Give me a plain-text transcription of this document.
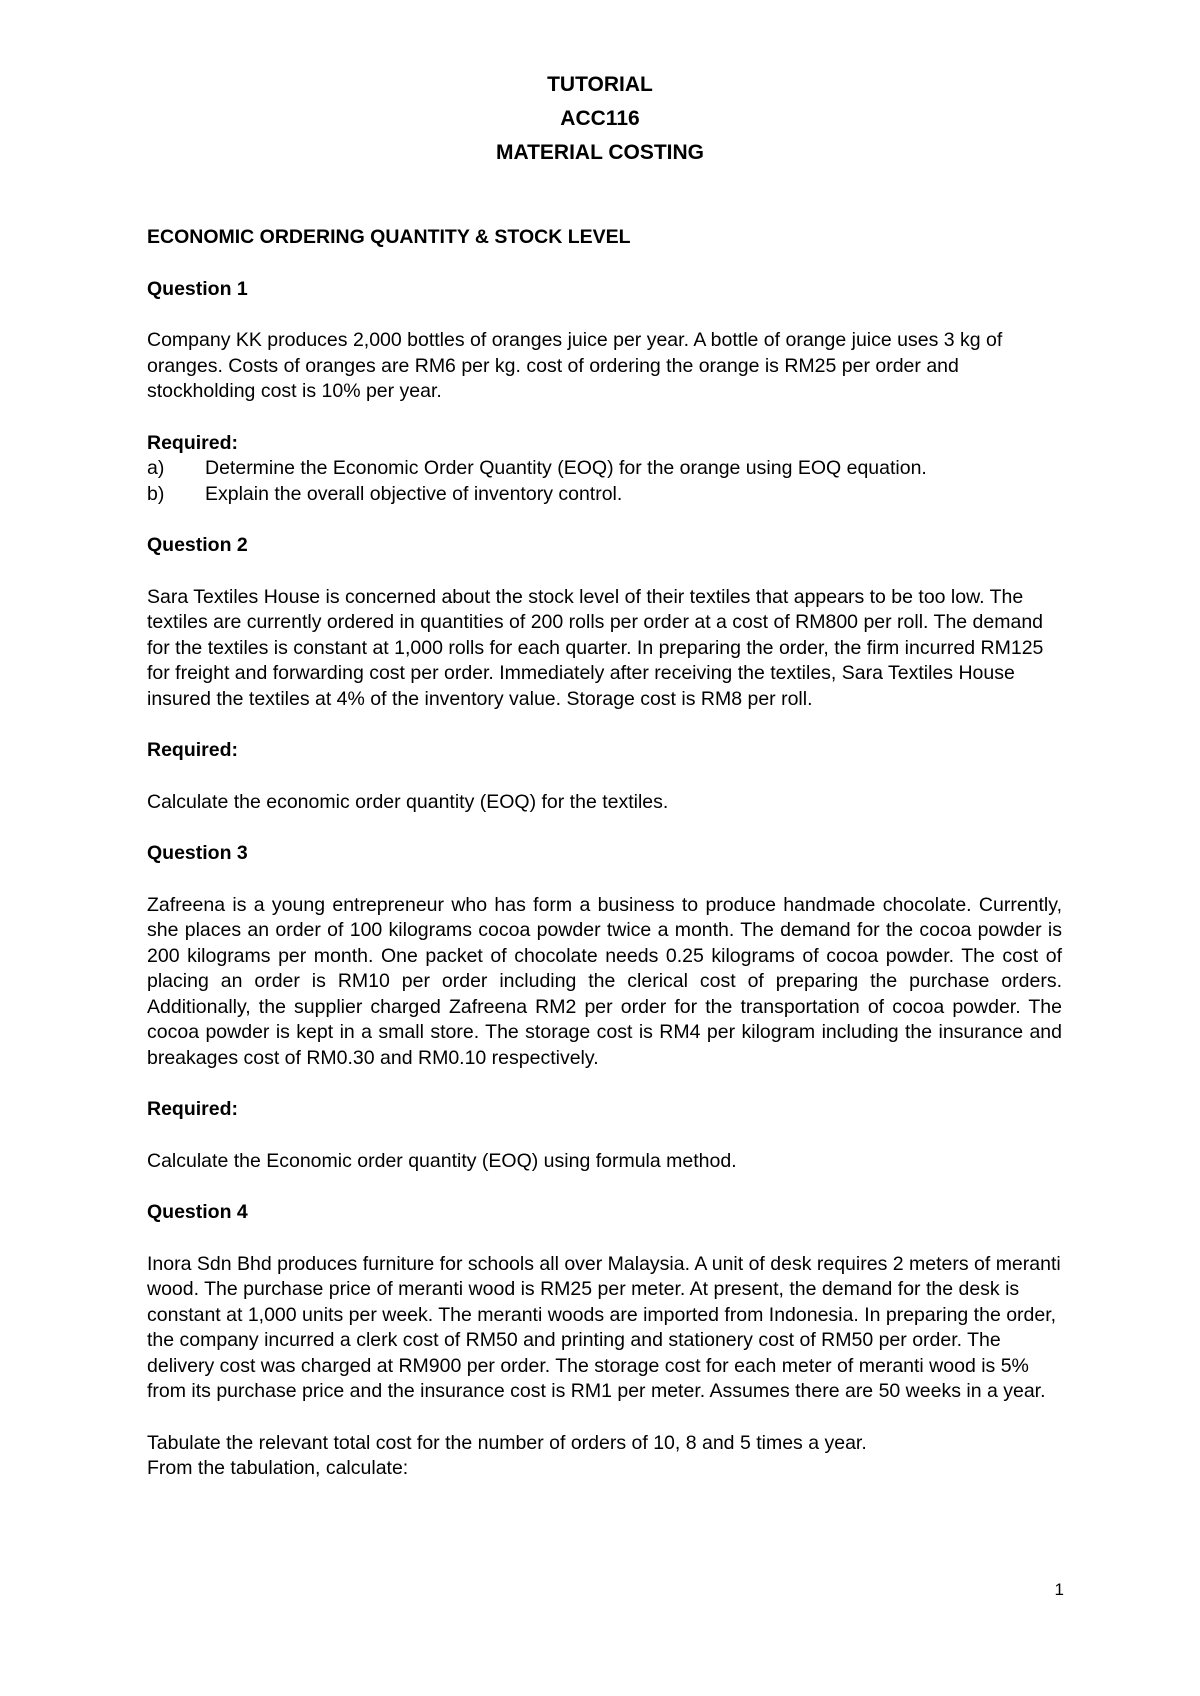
TUTORIAL
ACC116
MATERIAL COSTING
ECONOMIC ORDERING QUANTITY & STOCK LEVEL
Question 1
Company KK produces 2,000 bottles of oranges juice per year. A bottle of orange juice uses 3 kg of oranges. Costs of oranges are RM6 per kg. cost of ordering the orange is RM25 per order and stockholding cost is 10% per year.
Required:
a)	Determine the Economic Order Quantity (EOQ) for the orange using EOQ equation.
b)	Explain the overall objective of inventory control.
Question 2
Sara Textiles House is concerned about the stock level of their textiles that appears to be too low. The textiles are currently ordered in quantities of 200 rolls per order at a cost of RM800 per roll. The demand for the textiles is constant at 1,000 rolls for each quarter. In preparing the order, the firm incurred RM125 for freight and forwarding cost per order. Immediately after receiving the textiles, Sara Textiles House insured the textiles at 4% of the inventory value. Storage cost is RM8 per roll.
Required:
Calculate the economic order quantity (EOQ) for the textiles.
Question 3
Zafreena is a young entrepreneur who has form a business to produce handmade chocolate. Currently, she places an order of 100 kilograms cocoa powder twice a month. The demand for the cocoa powder is 200 kilograms per month. One packet of chocolate needs 0.25 kilograms of cocoa powder. The cost of placing an order is RM10 per order including the clerical cost of preparing the purchase orders. Additionally, the supplier charged Zafreena RM2 per order for the transportation of cocoa powder. The cocoa powder is kept in a small store. The storage cost is RM4 per kilogram including the insurance and breakages cost of RM0.30 and RM0.10 respectively.
Required:
Calculate the Economic order quantity (EOQ) using formula method.
Question 4
Inora Sdn Bhd produces furniture for schools all over Malaysia. A unit of desk requires 2 meters of meranti wood. The purchase price of meranti wood is RM25 per meter. At present, the demand for the desk is constant at 1,000 units per week. The meranti woods are imported from Indonesia. In preparing the order, the company incurred a clerk cost of RM50 and printing and stationery cost of RM50 per order. The delivery cost was charged at RM900 per order. The storage cost for each meter of meranti wood is 5% from its purchase price and the insurance cost is RM1 per meter. Assumes there are 50 weeks in a year.
Tabulate the relevant total cost for the number of orders of 10, 8 and 5 times a year.
From the tabulation, calculate:
1
